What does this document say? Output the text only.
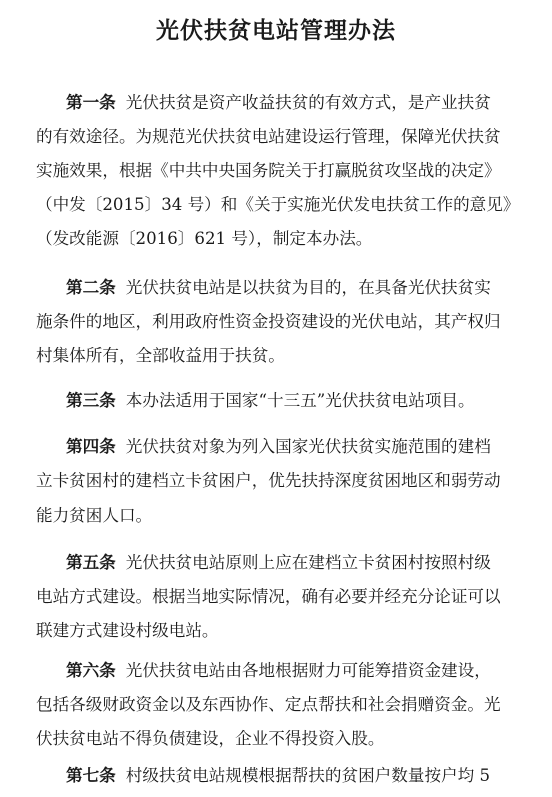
光伏扶贫电站管理办法
第一条 光伏扶贫是资产收益扶贫的有效方式，是产业扶贫
的有效途径。为规范光伏扶贫电站建设运行管理，保障光伏扶贫
实施效果，根据《中共中央国务院关于打赢脱贫攻坚战的决定》
（中发〔2015〕34 号）和《关于实施光伏发电扶贫工作的意见》
（发改能源〔2016〕621 号），制定本办法。
第二条 光伏扶贫电站是以扶贫为目的，在具备光伏扶贫实
施条件的地区，利用政府性资金投资建设的光伏电站，其产权归
村集体所有，全部收益用于扶贫。
第三条 本办法适用于国家“十三五”光伏扶贫电站项目。
第四条 光伏扶贫对象为列入国家光伏扶贫实施范围的建档
立卡贫困村的建档立卡贫困户，优先扶持深度贫困地区和弱劳动
能力贫困人口。
第五条 光伏扶贫电站原则上应在建档立卡贫困村按照村级
电站方式建设。根据当地实际情况，确有必要并经充分论证可以
联建方式建设村级电站。
第六条 光伏扶贫电站由各地根据财力可能筹措资金建设，
包括各级财政资金以及东西协作、定点帮扶和社会捐赠资金。光
伏扶贫电站不得负债建设，企业不得投资入股。
第七条 村级扶贫电站规模根据帮扶的贫困户数量按户均 5
